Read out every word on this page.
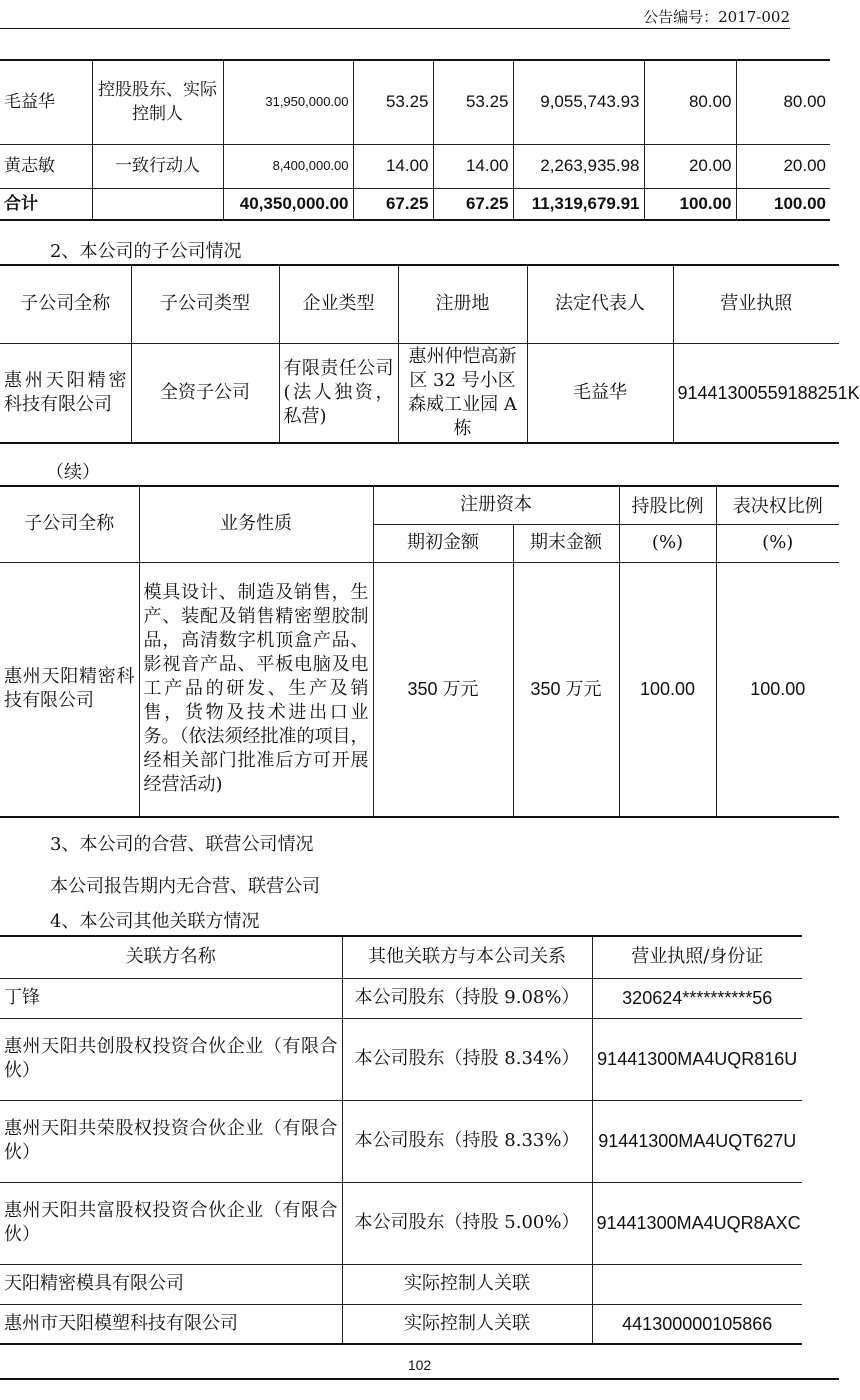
公告编号：2017-002
毛益华	控股股东、实际控制人	31,950,000.00	53.25	53.25	9,055,743.93	80.00	80.00
黄志敏	一致行动人	8,400,000.00	14.00	14.00	2,263,935.98	20.00	20.00
合计		40,350,000.00	67.25	67.25	11,319,679.91	100.00	100.00
2、本公司的子公司情况
子公司全称	子公司类型	企业类型	注册地	法定代表人	营业执照
惠州天阳精密科技有限公司	全资子公司	有限责任公司(法人独资，私营)	惠州仲恺高新区 32 号小区森威工业园 A 栋	毛益华	91441300559188251K
（续）
子公司全称	业务性质	注册资本		持股比例	表决权比例
		期初金额	期末金额	(%)	(%)
惠州天阳精密科技有限公司	模具设计、制造及销售，生产、装配及销售精密塑胶制品，高清数字机顶盒产品、影视音产品、平板电脑及电工产品的研发、生产及销售，货物及技术进出口业务。（依法须经批准的项目，经相关部门批准后方可开展经营活动)	350 万元	350 万元	100.00	100.00
3、本公司的合营、联营公司情况
本公司报告期内无合营、联营公司
4、本公司其他关联方情况
关联方名称	其他关联方与本公司关系	营业执照/身份证
丁锋	本公司股东（持股 9.08%）	320624**********56
惠州天阳共创股权投资合伙企业（有限合伙）	本公司股东（持股 8.34%）	91441300MA4UQR816U
惠州天阳共荣股权投资合伙企业（有限合伙）	本公司股东（持股 8.33%）	91441300MA4UQT627U
惠州天阳共富股权投资合伙企业（有限合伙）	本公司股东（持股 5.00%）	91441300MA4UQR8AXC
天阳精密模具有限公司	实际控制人关联	
惠州市天阳模塑科技有限公司	实际控制人关联	441300000105866
102
